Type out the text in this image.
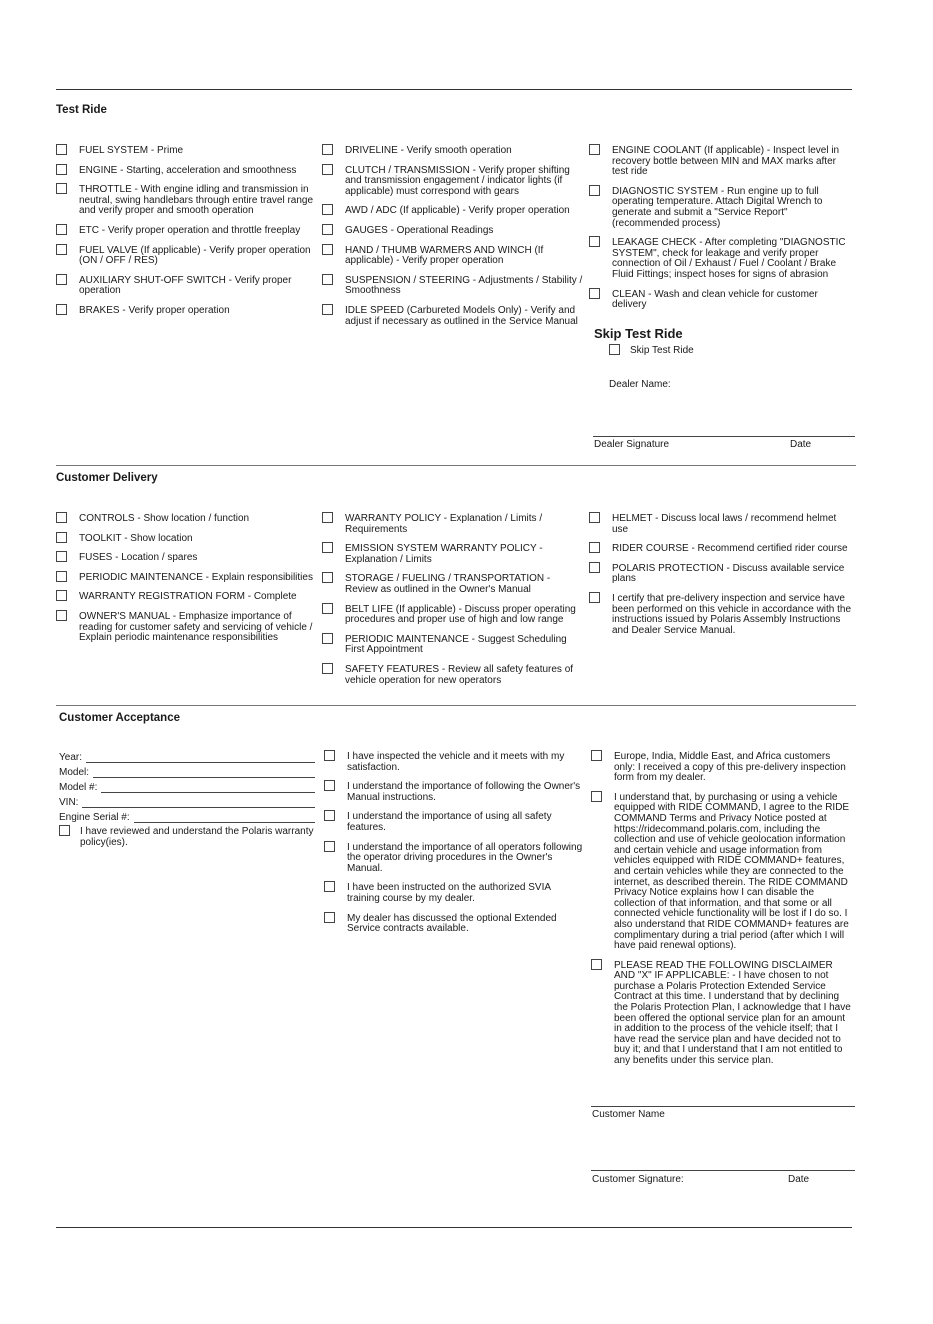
Test Ride
FUEL SYSTEM - Prime
ENGINE - Starting, acceleration and smoothness
THROTTLE - With engine idling and transmission in neutral, swing handlebars through entire travel range and verify proper and smooth operation
ETC - Verify proper operation and throttle freeplay
FUEL VALVE (If applicable) - Verify proper operation (ON / OFF / RES)
AUXILIARY SHUT-OFF SWITCH - Verify proper operation
BRAKES - Verify proper operation
DRIVELINE - Verify smooth operation
CLUTCH / TRANSMISSION - Verify proper shifting and transmission engagement / indicator lights (if applicable) must correspond with gears
AWD / ADC (If applicable) - Verify proper operation
GAUGES - Operational Readings
HAND / THUMB WARMERS AND WINCH (If applicable) - Verify proper operation
SUSPENSION / STEERING - Adjustments / Stability / Smoothness
IDLE SPEED (Carbureted Models Only) - Verify and adjust if necessary as outlined in the Service Manual
ENGINE COOLANT (If applicable) - Inspect level in recovery bottle between MIN and MAX marks after test ride
DIAGNOSTIC SYSTEM - Run engine up to full operating temperature. Attach Digital Wrench to generate and submit a "Service Report" (recommended process)
LEAKAGE CHECK - After completing "DIAGNOSTIC SYSTEM", check for leakage and verify proper connection of Oil / Exhaust / Fuel / Coolant / Brake Fluid Fittings; inspect hoses for signs of abrasion
CLEAN - Wash and clean vehicle for customer delivery
Skip Test Ride
Skip Test Ride
Dealer Name:
Dealer Signature	Date
Customer Delivery
CONTROLS - Show location / function
TOOLKIT - Show location
FUSES - Location / spares
PERIODIC MAINTENANCE - Explain responsibilities
WARRANTY REGISTRATION FORM - Complete
OWNER'S MANUAL - Emphasize importance of reading for customer safety and servicing of vehicle / Explain periodic maintenance responsibilities
WARRANTY POLICY - Explanation / Limits / Requirements
EMISSION SYSTEM WARRANTY POLICY - Explanation / Limits
STORAGE / FUELING / TRANSPORTATION - Review as outlined in the Owner's Manual
BELT LIFE (If applicable) - Discuss proper operating procedures and proper use of high and low range
PERIODIC MAINTENANCE - Suggest Scheduling First Appointment
SAFETY FEATURES - Review all safety features of vehicle operation for new operators
HELMET - Discuss local laws / recommend helmet use
RIDER COURSE - Recommend certified rider course
POLARIS PROTECTION - Discuss available service plans
I certify that pre-delivery inspection and service have been performed on this vehicle in accordance with the instructions issued by Polaris Assembly Instructions and Dealer Service Manual.
Customer Acceptance
Year:
Model:
Model #:
VIN:
Engine Serial #:
I have reviewed and understand the Polaris warranty policy(ies).
I have inspected the vehicle and it meets with my satisfaction.
I understand the importance of following the Owner's Manual instructions.
I understand the importance of using all safety features.
I understand the importance of all operators following the operator driving procedures in the Owner's Manual.
I have been instructed on the authorized SVIA training course by my dealer.
My dealer has discussed the optional Extended Service contracts available.
Europe, India, Middle East, and Africa customers only: I received a copy of this pre-delivery inspection form from my dealer.
I understand that, by purchasing or using a vehicle equipped with RIDE COMMAND, I agree to the RIDE COMMAND Terms and Privacy Notice posted at https://ridecommand.polaris.com, including the collection and use of vehicle geolocation information and certain vehicle and usage information from vehicles equipped with RIDE COMMAND+ features, and certain vehicles while they are connected to the internet, as described therein. The RIDE COMMAND Privacy Notice explains how I can disable the collection of that information, and that some or all connected vehicle functionality will be lost if I do so. I also understand that RIDE COMMAND+ features are complimentary during a trial period (after which I will have paid renewal options).
PLEASE READ THE FOLLOWING DISCLAIMER AND "X" IF APPLICABLE: - I have chosen to not purchase a Polaris Protection Extended Service Contract at this time. I understand that by declining the Polaris Protection Plan, I acknowledge that I have been offered the optional service plan for an amount in addition to the process of the vehicle itself; that I have read the service plan and have decided not to buy it; and that I understand that I am not entitled to any benefits under this service plan.
Customer Name
Customer Signature:	Date
